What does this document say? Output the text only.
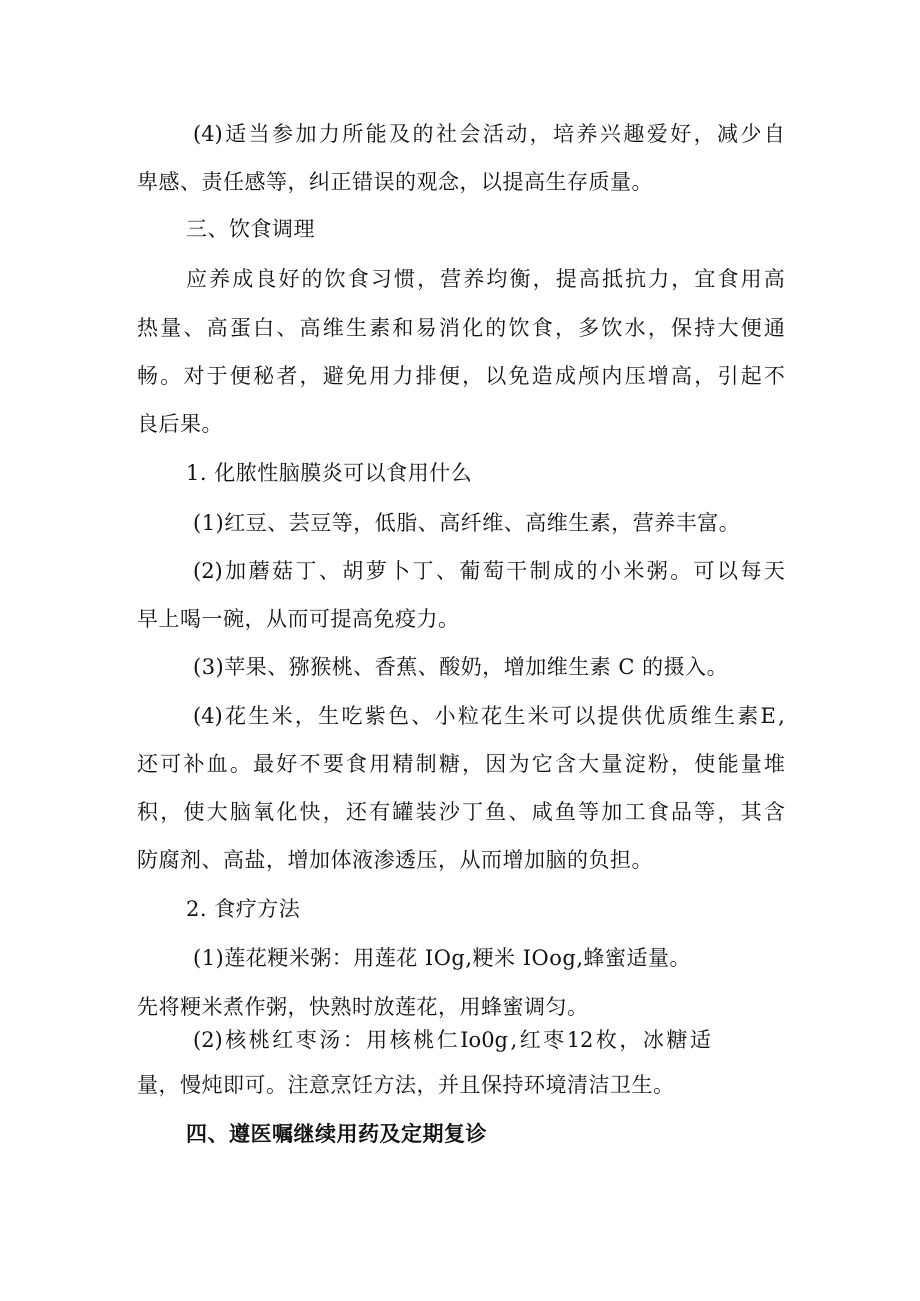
(4) 适 当 参 加 力 所 能 及 的 社 会 活 动 ， 培 养 兴 趣 爱 好 ， 减 少 自
卑感、责任感等，纠正错误的观念，以提高生存质量。
三、饮食调理
应 养 成 良 好 的 饮 食 习 惯 ， 营 养 均 衡 ， 提 高 抵 抗 力 ， 宜 食 用 高
热 量 、 高 蛋 白 、 高 维 生 素 和 易 消 化 的 饮 食 ， 多 饮 水 ， 保 持 大 便 通
畅 。 对 于 便 秘 者 ， 避 免 用 力 排 便 ， 以 免 造 成 颅 内 压 增 高 ， 引 起 不
良后果。
1. 化脓性脑膜炎可以食用什么
(1)红豆、芸豆等，低脂、高纤维、高维生素，营养丰富。
(2) 加 蘑 菇 丁 、 胡 萝 卜 丁 、 葡 萄 干 制 成 的 小 米 粥 。 可 以 每 天
早上喝一碗，从而可提高免疫力。
(3)苹果、猕猴桃、香蕉、酸奶，增加维生素 C 的摄入。
(4) 花 生 米 ， 生 吃 紫 色 、 小 粒 花 生 米 可 以 提 供 优 质 维 生 素 E ,
还 可 补 血 。 最 好 不 要 食 用 精 制 糖 ， 因 为 它 含 大 量 淀 粉 ， 使 能 量 堆
积 ， 使 大 脑 氧 化 快 ， 还 有 罐 装 沙 丁 鱼 、 咸 鱼 等 加 工 食 品 等 ， 其 含
防腐剂、高盐，增加体液渗透压，从而增加脑的负担。
2. 食疗方法
(1)莲花粳米粥：用莲花 IOg,粳米 IOog,蜂蜜适量。
先将粳米煮作粥，快熟时放莲花，用蜂蜜调匀。
(2) 核 桃 红 枣 汤 ： 用 核 桃 仁 Io0g , 红 枣 12 枚 ， 冰 糖 适
量，慢炖即可。注意烹饪方法，并且保持环境清洁卫生。
四、遵医嘱继续用药及定期复诊
